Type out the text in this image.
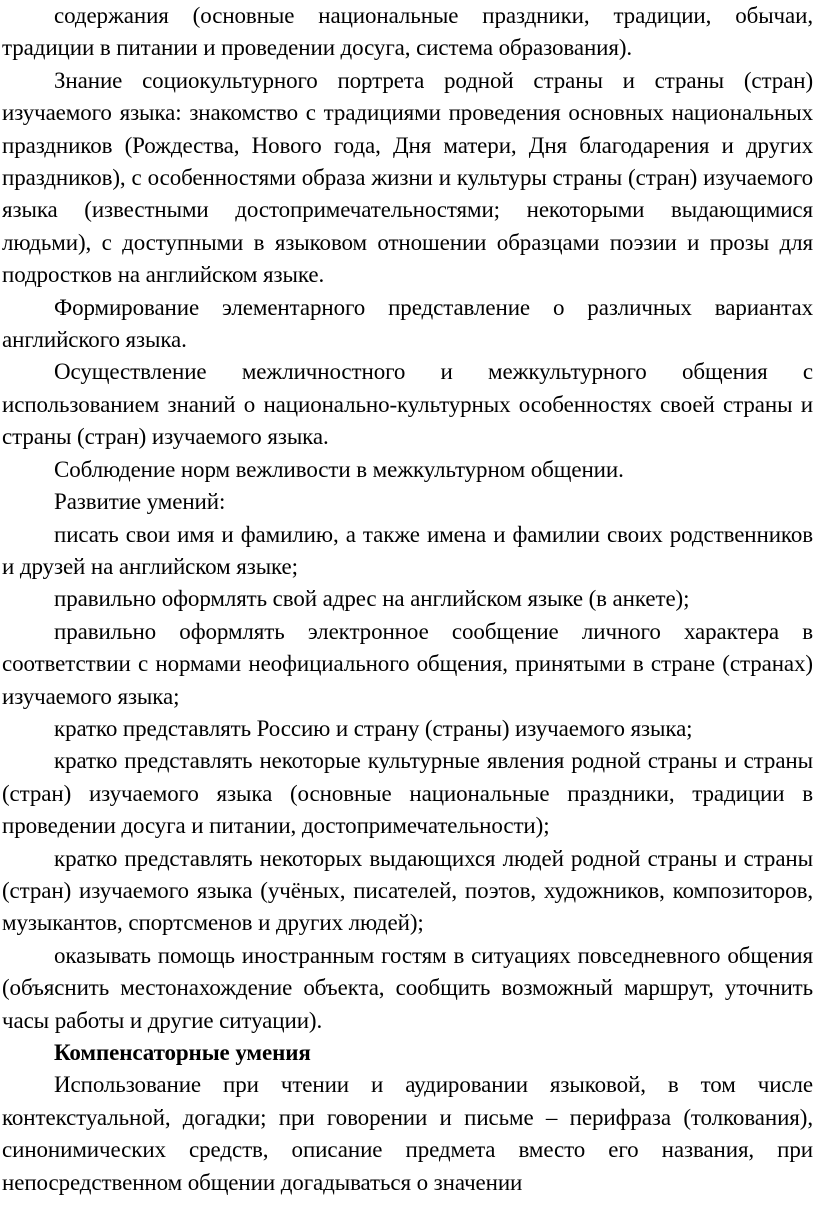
содержания (основные национальные праздники, традиции, обычаи, традиции в питании и проведении досуга, система образования).

Знание социокультурного портрета родной страны и страны (стран) изучаемого языка: знакомство с традициями проведения основных национальных праздников (Рождества, Нового года, Дня матери, Дня благодарения и других праздников), с особенностями образа жизни и культуры страны (стран) изучаемого языка (известными достопримечательностями; некоторыми выдающимися людьми), с доступными в языковом отношении образцами поэзии и прозы для подростков на английском языке.

Формирование элементарного представление о различных вариантах английского языка.

Осуществление межличностного и межкультурного общения с использованием знаний о национально-культурных особенностях своей страны и страны (стран) изучаемого языка.

Соблюдение норм вежливости в межкультурном общении.

Развитие умений:

писать свои имя и фамилию, а также имена и фамилии своих родственников и друзей на английском языке;

правильно оформлять свой адрес на английском языке (в анкете);

правильно оформлять электронное сообщение личного характера в соответствии с нормами неофициального общения, принятыми в стране (странах) изучаемого языка;

кратко представлять Россию и страну (страны) изучаемого языка;

кратко представлять некоторые культурные явления родной страны и страны (стран) изучаемого языка (основные национальные праздники, традиции в проведении досуга и питании, достопримечательности);

кратко представлять некоторых выдающихся людей родной страны и страны (стран) изучаемого языка (учёных, писателей, поэтов, художников, композиторов, музыкантов, спортсменов и других людей);

оказывать помощь иностранным гостям в ситуациях повседневного общения (объяснить местонахождение объекта, сообщить возможный маршрут, уточнить часы работы и другие ситуации).

Компенсаторные умения

Использование при чтении и аудировании языковой, в том числе контекстуальной, догадки; при говорении и письме – перифраза (толкования), синонимических средств, описание предмета вместо его названия, при непосредственном общении догадываться о значении
